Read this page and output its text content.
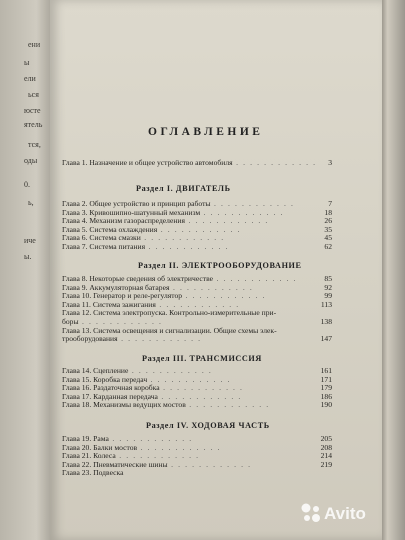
ени
ы
ели
ься
юсте
ятель
тся,
оды
0.
ь,
иче
ы.
ОГЛАВЛЕНИЕ
Глава 1. Назначение и общее устройство автомобиля . . . . . . . . . . . . 3
Раздел I. ДВИГАТЕЛЬ
Глава 2. Общее устройство и принцип работы . . . . . . . . . . . .	7
Глава 3. Кривошипно-шатунный механизм . . . . . . . . . . . .	18
Глава 4. Механизм газораспределения . . . . . . . . . . . .	26
Глава 5. Система охлаждения . . . . . . . . . . . .	35
Глава 6. Система смазки . . . . . . . . . . . .	45
Глава 7. Система питания . . . . . . . . . . . .	62
Раздел II. ЭЛЕКТРООБОРУДОВАНИЕ
Глава 8. Некоторые сведения об электричестве . . . . . . . . . . . .	85
Глава 9. Аккумуляторная батарея . . . . . . . . . . . .	92
Глава 10. Генератор и реле-регулятор . . . . . . . . . . . .	99
Глава 11. Система зажигания . . . . . . . . . . . .	113
Глава 12. Система электропуска. Контрольно-измерительные при-
боры . . . . . . . . . . . .	138
Глава 13. Система освещения и сигнализации. Общие схемы элек-
трооборудования . . . . . . . . . . . .	147
Раздел III. ТРАНСМИССИЯ
Глава 14. Сцепление . . . . . . . . . . . .	161
Глава 15. Коробка передач . . . . . . . . . . . .	171
Глава 16. Раздаточная коробка . . . . . . . . . . . .	179
Глава 17. Карданная передача . . . . . . . . . . . .	186
Глава 18. Механизмы ведущих мостов . . . . . . . . . . . .	190
Раздел IV. ХОДОВАЯ ЧАСТЬ
Глава 19. Рама . . . . . . . . . . . .	205
Глава 20. Балки мостов . . . . . . . . . . . .	208
Глава 21. Колеса . . . . . . . . . . . .	214
Глава 22. Пневматические шины . . . . . . . . . . . .	219
Глава 23. Подвеска
Avito
